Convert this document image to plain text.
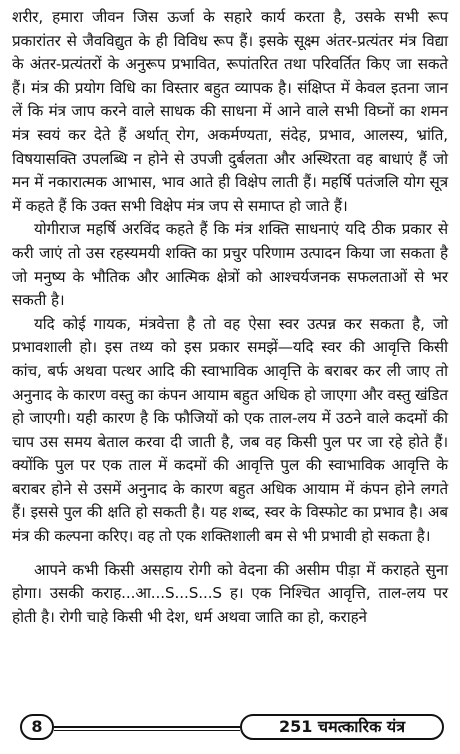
शरीर, हमारा जीवन जिस ऊर्जा के सहारे कार्य करता है, उसके सभी रूप प्रकारांतर से जैवविद्युत के ही विविध रूप हैं। इसके सूक्ष्म अंतर-प्रत्यंतर मंत्र विद्या के अंतर-प्रत्यंतरों के अनुरूप प्रभावित, रूपांतरित तथा परिवर्तित किए जा सकते हैं। मंत्र की प्रयोग विधि का विस्तार बहुत व्यापक है। संक्षिप्त में केवल इतना जान लें कि मंत्र जाप करने वाले साधक की साधना में आने वाले सभी विघ्नों का शमन मंत्र स्वयं कर देते हैं अर्थात् रोग, अकर्मण्यता, संदेह, प्रभाव, आलस्य, भ्रांति, विषयासक्ति उपलब्धि न होने से उपजी दुर्बलता और अस्थिरता वह बाधाएं हैं जो मन में नकारात्मक आभास, भाव आते ही विक्षेप लाती हैं। महर्षि पतंजलि योग सूत्र में कहते हैं कि उक्त सभी विक्षेप मंत्र जप से समाप्त हो जाते हैं।

योगीराज महर्षि अरविंद कहते हैं कि मंत्र शक्ति साधनाएं यदि ठीक प्रकार से करी जाएं तो उस रहस्यमयी शक्ति का प्रचुर परिणाम उत्पादन किया जा सकता है जो मनुष्य के भौतिक और आत्मिक क्षेत्रों को आश्चर्यजनक सफलताओं से भर सकती है।

यदि कोई गायक, मंत्रवेत्ता है तो वह ऐसा स्वर उत्पन्न कर सकता है, जो प्रभावशाली हो। इस तथ्य को इस प्रकार समझें—यदि स्वर की आवृत्ति किसी कांच, बर्फ अथवा पत्थर आदि की स्वाभाविक आवृत्ति के बराबर कर ली जाए तो अनुनाद के कारण वस्तु का कंपन आयाम बहुत अधिक हो जाएगा और वस्तु खंडित हो जाएगी। यही कारण है कि फौजियों को एक ताल-लय में उठने वाले कदमों की चाप उस समय बेताल करवा दी जाती है, जब वह किसी पुल पर जा रहे होते हैं। क्योंकि पुल पर एक ताल में कदमों की आवृत्ति पुल की स्वाभाविक आवृत्ति के बराबर होने से उसमें अनुनाद के कारण बहुत अधिक आयाम में कंपन होने लगते हैं। इससे पुल की क्षति हो सकती है। यह शब्द, स्वर के विस्फोट का प्रभाव है। अब मंत्र की कल्पना करिए। वह तो एक शक्तिशाली बम से भी प्रभावी हो सकता है।

आपने कभी किसी असहाय रोगी को वेदना की असीम पीड़ा में कराहते सुना होगा। उसकी कराह...आ...S...S...S ह। एक निश्चित आवृत्ति, ताल-लय पर होती है। रोगी चाहे किसी भी देश, धर्म अथवा जाति का हो, कराहने

8	251 चमत्कारिक यंत्र
